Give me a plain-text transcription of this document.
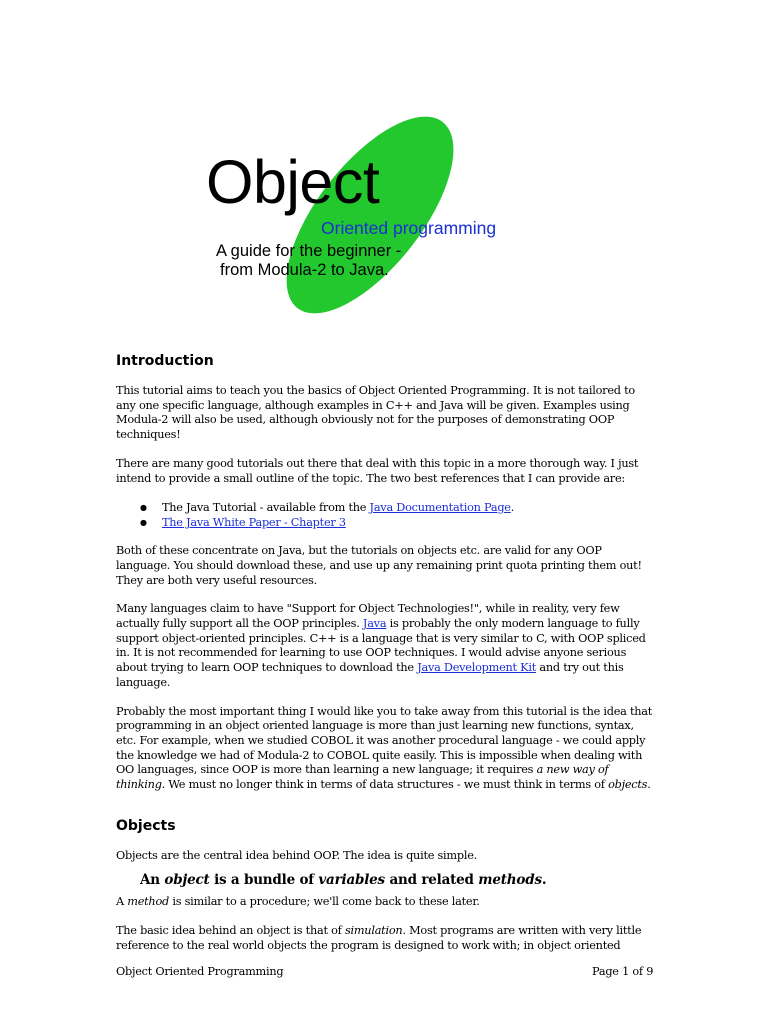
Object
Oriented programming
A guide for the beginner -
from Modula-2 to Java.
Introduction

This tutorial aims to teach you the basics of Object Oriented Programming. It is not tailored to any one specific language, although examples in C++ and Java will be given. Examples using Modula-2 will also be used, although obviously not for the purposes of demonstrating OOP techniques!

There are many good tutorials out there that deal with this topic in a more thorough way. I just intend to provide a small outline of the topic. The two best references that I can provide are:

● The Java Tutorial - available from the Java Documentation Page.
● The Java White Paper - Chapter 3

Both of these concentrate on Java, but the tutorials on objects etc. are valid for any OOP language. You should download these, and use up any remaining print quota printing them out! They are both very useful resources.

Many languages claim to have "Support for Object Technologies!", while in reality, very few actually fully support all the OOP principles. Java is probably the only modern language to fully support object-oriented principles. C++ is a language that is very similar to C, with OOP spliced in. It is not recommended for learning to use OOP techniques. I would advise anyone serious about trying to learn OOP techniques to download the Java Development Kit and try out this language.

Probably the most important thing I would like you to take away from this tutorial is the idea that programming in an object oriented language is more than just learning new functions, syntax, etc. For example, when we studied COBOL it was another procedural language - we could apply the knowledge we had of Modula-2 to COBOL quite easily. This is impossible when dealing with OO languages, since OOP is more than learning a new language; it requires a new way of thinking. We must no longer think in terms of data structures - we must think in terms of objects.

Objects

Objects are the central idea behind OOP. The idea is quite simple.

An object is a bundle of variables and related methods.

A method is similar to a procedure; we'll come back to these later.

The basic idea behind an object is that of simulation. Most programs are written with very little reference to the real world objects the program is designed to work with; in object oriented

Object Oriented Programming	Page 1 of 9
